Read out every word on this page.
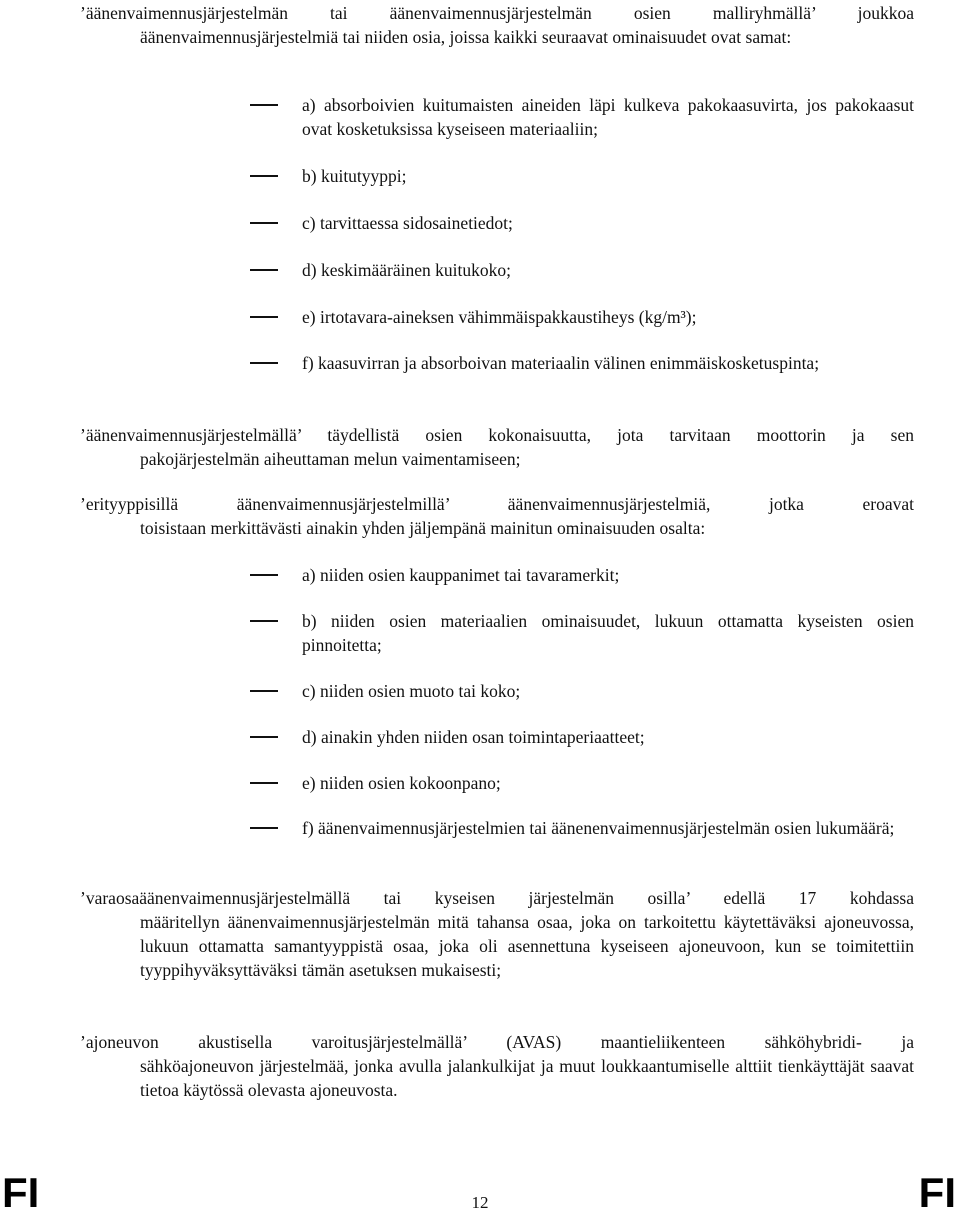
’äänenvaimennusjärjestelmän tai äänenvaimennusjärjestelmän osien malliryhmällä’ joukkoa
äänenvaimennusjärjestelmiä tai niiden osia, joissa kaikki seuraavat ominaisuudet ovat samat:
a) absorboivien kuitumaisten aineiden läpi kulkeva pakokaasuvirta, jos pakokaasut ovat kosketuksissa kyseiseen materiaaliin;
b) kuitutyyppi;
c) tarvittaessa sidosainetiedot;
d) keskimääräinen kuitukoko;
e) irtotavara-aineksen vähimmäispakkaustiheys (kg/m³);
f) kaasuvirran ja absorboivan materiaalin välinen enimmäiskosketuspinta;
’äänenvaimennusjärjestelmällä’ täydellistä osien kokonaisuutta, jota tarvitaan moottorin ja sen
pakojärjestelmän aiheuttaman melun vaimentamiseen;
’erityyppisillä äänenvaimennusjärjestelmillä’ äänenvaimennusjärjestelmiä, jotka eroavat
toisistaan merkittävästi ainakin yhden jäljempänä mainitun ominaisuuden osalta:
a) niiden osien kauppanimet tai tavaramerkit;
b) niiden osien materiaalien ominaisuudet, lukuun ottamatta kyseisten osien pinnoitetta;
c) niiden osien muoto tai koko;
d) ainakin yhden niiden osan toimintaperiaatteet;
e) niiden osien kokoonpano;
f) äänenvaimennusjärjestelmien tai äänenenvaimennusjärjestelmän osien lukumäärä;
’varaosaäänenvaimennusjärjestelmällä tai kyseisen järjestelmän osilla’ edellä 17 kohdassa
määritellyn äänenvaimennusjärjestelmän mitä tahansa osaa, joka on tarkoitettu käytettäväksi ajoneuvossa, lukuun ottamatta samantyyppistä osaa, joka oli asennettuna kyseiseen ajoneuvoon, kun se toimitettiin tyyppihyväksyttäväksi tämän asetuksen mukaisesti;
’ajoneuvon akustisella varoitusjärjestelmällä’ (AVAS) maantieliikenteen sähköhybridi- ja
sähköajoneuvon järjestelmää, jonka avulla jalankulkijat ja muut loukkaantumiselle alttiit tienkäyttäjät saavat tietoa käytössä olevasta ajoneuvosta.
FI	12	FI
